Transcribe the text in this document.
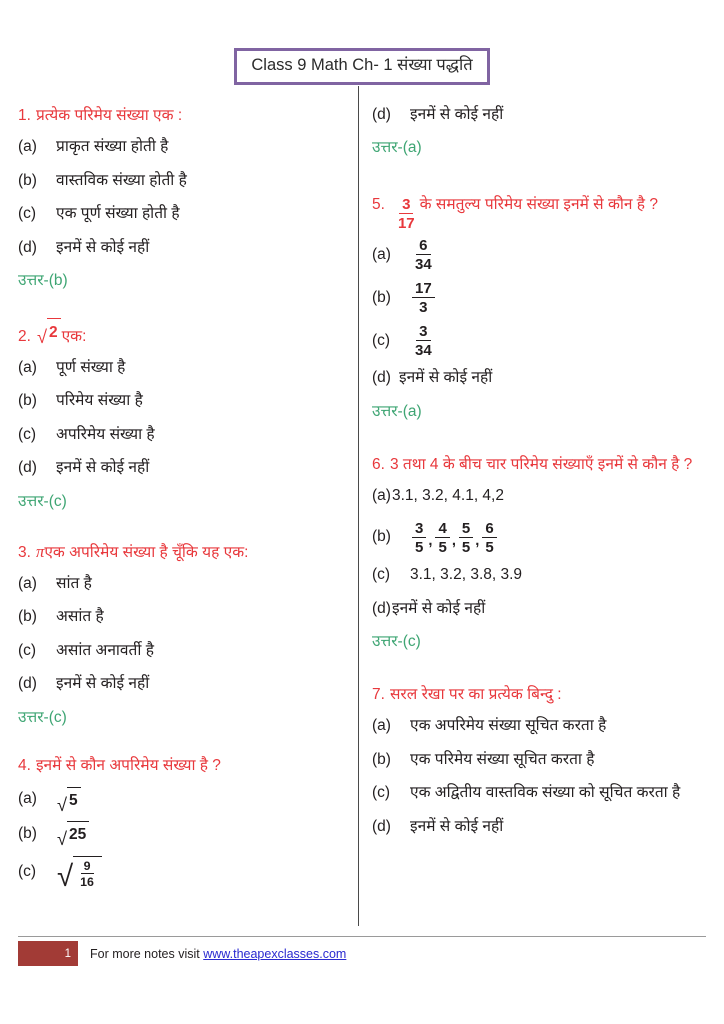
Class 9 Math Ch- 1 संख्या पद्धति
1. प्रत्येक परिमेय संख्या एक :
(a)	प्राकृत संख्या होती है
(b)	वास्तविक संख्या होती है
(c)	एक पूर्ण संख्या होती है
(d)	इनमें से कोई नहीं
उत्तर-(b)
2. √ 2 एक:
(a)	पूर्ण संख्या है
(b)	परिमेय संख्या है
(c)	अपरिमेय संख्या है
(d)	इनमें से कोई नहीं
उत्तर-(c)
3. π एक अपरिमेय संख्या है चूँकि यह एक:
(a)	सांत है
(b)	असांत है
(c)	असांत अनावर्ती है
(d)	इनमें से कोई नहीं
उत्तर-(c)
4. इनमें से कौन अपरिमेय संख्या है ?
(a)	√ 5
(b)	√ 25
(c) √ $\frac{9}{16}$
(d)	इनमें से कोई नहीं
उत्तर-(a)
5. $\frac{3}{17}$ के समतुल्य परिमेय संख्या इनमें से कौन है ?
(a)	$\frac{6}{34}$
(b)	$\frac{17}{3}$
(c)	$\frac{3}{34}$
(d) इनमें से कोई नहीं
उत्तर-(a)
6. 3 तथा 4 के बीच चार परिमेय संख्याएँ इनमें से कौन है ?
(a) 3.1, 3.2, 4.1, 4,2
(b)	$\frac{3}{5}$ , $\frac{4}{5}$ , $\frac{5}{5}$ , $\frac{6}{5}$
(c)	3.1, 3.2, 3.8, 3.9
(d) इनमें से कोई नहीं
उत्तर-(c)
7. सरल रेखा पर का प्रत्येक बिन्दु :
(a)	एक अपरिमेय संख्या सूचित करता है
(b)	एक परिमेय संख्या सूचित करता है
(c)	एक अद्वितीय वास्तविक संख्या को सूचित करता है
(d)	इनमें से कोई नहीं
1	For more notes visit www.theapexclasses.com
